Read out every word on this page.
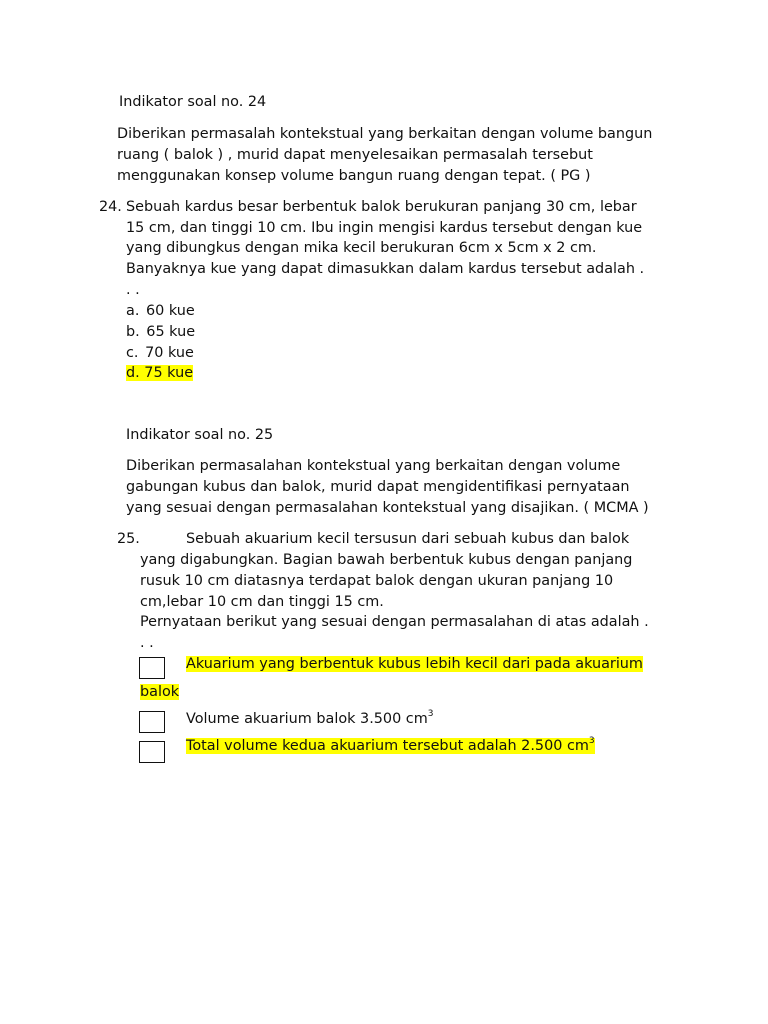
Indikator soal no. 24
Diberikan permasalah kontekstual yang berkaitan dengan volume bangun
ruang ( balok ) , murid dapat menyelesaikan permasalah tersebut
menggunakan konsep volume bangun ruang dengan tepat. ( PG )
24. Sebuah kardus besar berbentuk balok berukuran panjang 30 cm, lebar
15 cm, dan tinggi 10 cm. Ibu ingin mengisi kardus tersebut dengan kue
yang dibungkus dengan mika kecil berukuran 6cm x 5cm x 2 cm.
Banyaknya kue yang dapat dimasukkan dalam kardus tersebut adalah .
. .
a. 60 kue
b. 65 kue
c. 70 kue
d. 75 kue
Indikator soal no. 25
Diberikan permasalahan kontekstual yang berkaitan dengan volume
gabungan kubus dan balok, murid dapat mengidentifikasi pernyataan
yang sesuai dengan permasalahan kontekstual yang disajikan. ( MCMA )
25.	Sebuah akuarium kecil tersusun dari sebuah kubus dan balok
yang digabungkan. Bagian bawah berbentuk kubus dengan panjang
rusuk 10 cm diatasnya terdapat balok dengan ukuran panjang 10
cm,lebar 10 cm dan tinggi 15 cm.
Pernyataan berikut yang sesuai dengan permasalahan di atas adalah .
. .
Akuarium yang berbentuk kubus lebih kecil dari pada akuarium
balok
Volume akuarium balok 3.500 $cm^3$
Total volume kedua akuarium tersebut adalah 2.500 $cm^3$
